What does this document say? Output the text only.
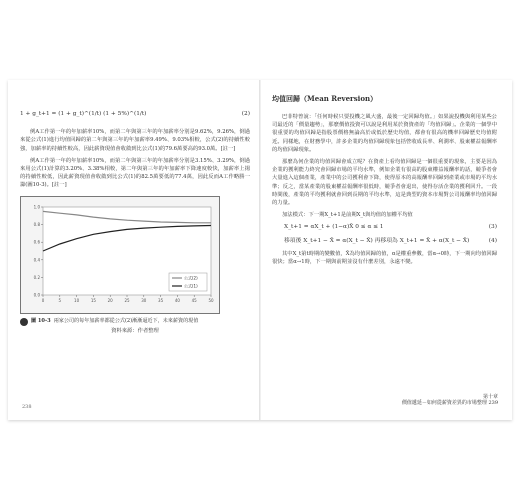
1 + g_t+1 = (1 + g_t)^(1/t) (1 + 5%)^(1/t)	(2)

例A工作第一年的年加薪率10%，而第二年與第三年的年加薪率分別是9.62%，9.26%，倒過來從公式(1)進行均值回歸的第二年與第三年的年加薪率9.49%、9.03%相較，公式(2)的持續性較強，加薪率的持續性較高，因此薪資現值會收斂到比公式(1)的79.6萬要高的93.0萬。[註一]

例A工作第一年的年加薪率10%，而第二年與第三年的年加薪率分別是3.15%、3.29%，倒過來用公式(1)計算的3.20%、3.38%相較，第二年與第三年的年加薪率下降速度較快，加薪率上揚的持續性較低，因此薪資現值會收斂到比公式(1)的82.5萬要低的77.4萬，因此反而A工作略勝一籌(圖10-3)。[註一]

0.0
0.2
0.4
0.6
0.8
1.0
0	5	10	15	20	25	30	35	40	45	50
公式(2)
公式(1)
圖 10-3 兩家公司的每年加薪率都從公式(2)漸漸逼近下，未來薪資的現值
資料來源：作者整理
238
均值回歸（Mean Reversion）

巴菲特曾說：「任何時候只要投機之風大盛，最後一定回歸均值。」如果說投機與利用某些公司最近的「價量趨勢」，那麼價值投資可以說是利用某於資資產的「均值回歸」。企業的一個學中很重要的均值回歸是指股票價格無論高於或低於歷史均值，都會有很高的機率回歸歷史均值附近。同樣地，在財務學中，許多企業的均值回歸現象包括營收成長率、利潤率、股東權益報酬率的均值回歸現象。

那麼為何企業的均值回歸會成立呢？在資產上看均值回歸是一個很重要的現象，主要是因為企業的獲利能力終究會回歸市場的平均水準，例如企業有很高的股東權益報酬率的話，競爭者會大量進入這個產業，產業中的公司獲利會下降，使得原本的高報酬率回歸到產業或市場的平均水準；反之，當某產業的股東權益報酬率很低時，競爭者會退出，使得存活企業的獲利回升。一段時間後，產業的平均獲利就會回到長期的平均水準，這是典型的資本市場對公司報酬率均值回歸的力量。

加法模式：下一期X_t+1是前期X_t與均值的加權平均值

X_t+1 = αX_t + (1−α)X̄ 0 ≤ α ≤ 1	(3)
移項後 X_t+1 − X̄ = α(X_t − X̄) 再移項為 X_t+1 = X̄ + α(X_t − X̄)	(4)

其中X_t第t時期的變數值，X̄為均值回歸的值，α是權重參數，當α→0時，下一期向均值回歸很快；當α→1時，下一期與前期並沒有什麼差別，永遠不變。

第十章
價值遞延－如何從薪資差異的市場整理 239
